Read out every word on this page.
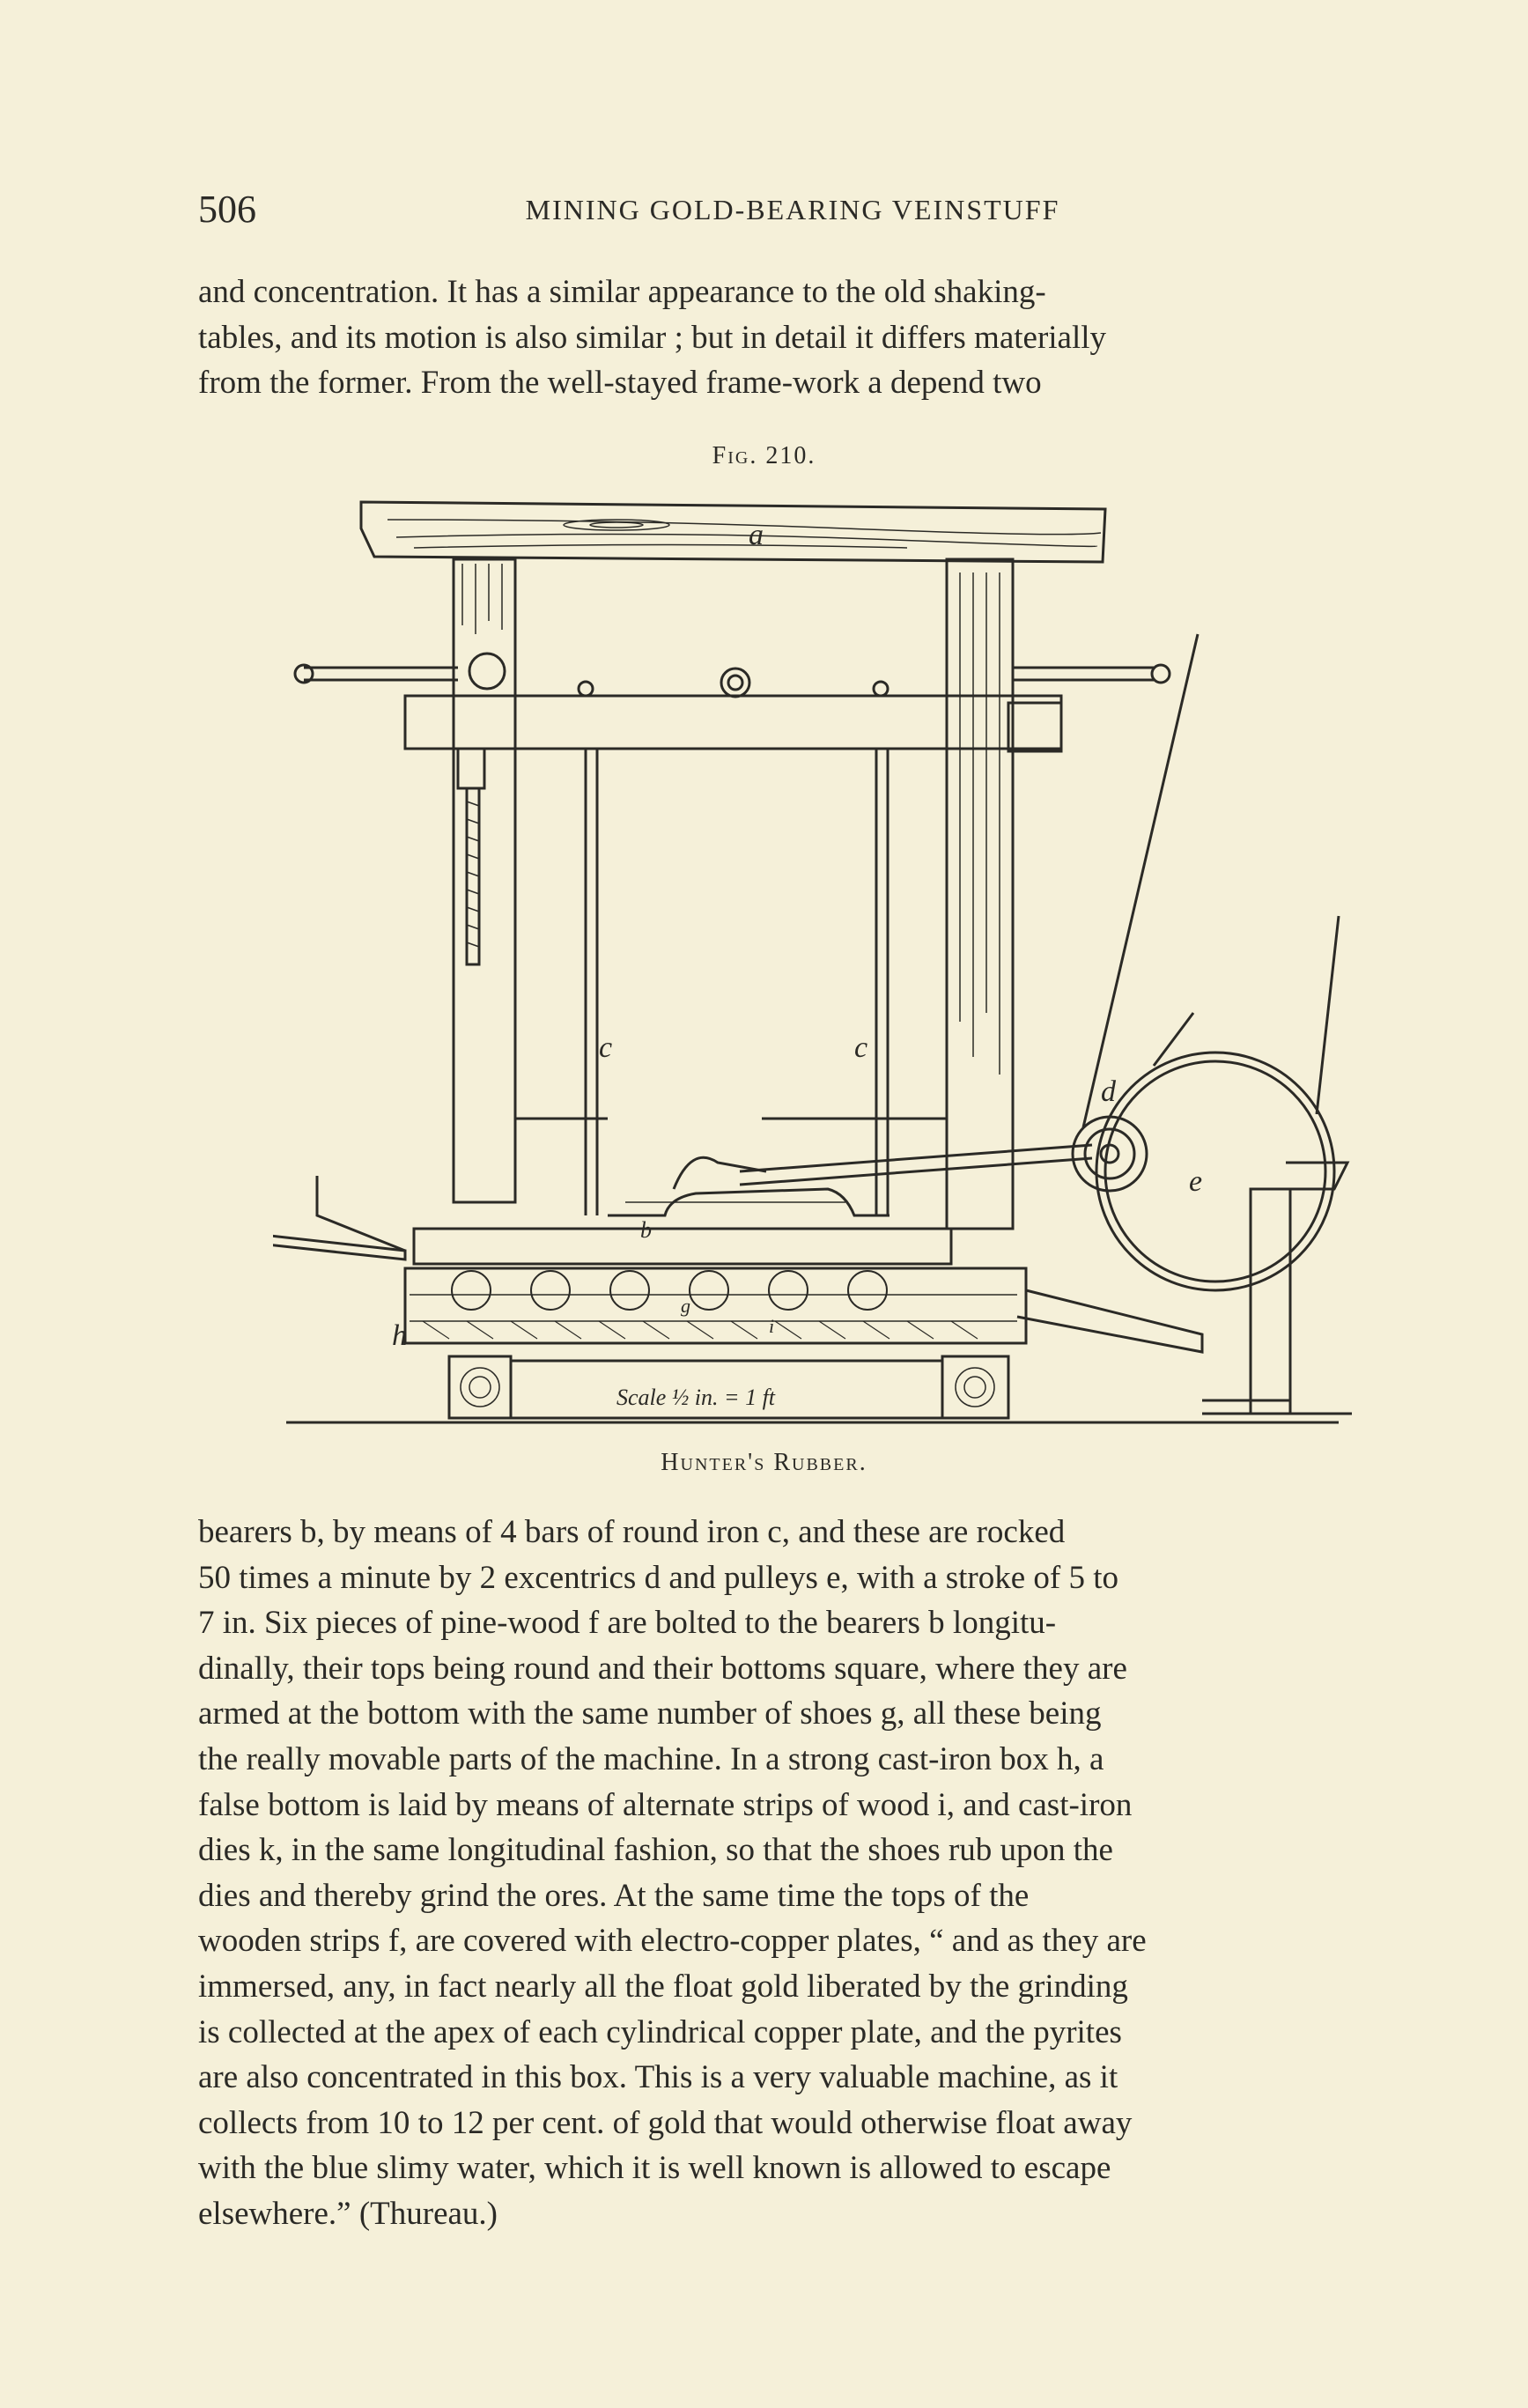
506	MINING GOLD-BEARING VEINSTUFF
and concentration. It has a similar appearance to the old shaking-
tables, and its motion is also similar ; but in detail it differs materially
from the former. From the well-stayed frame-work a depend two
Fig. 210.
a
c	c
d
e
h
b
g
i
Scale ½ in. = 1 ft
Hunter's Rubber.
bearers b, by means of 4 bars of round iron c, and these are rocked
50 times a minute by 2 excentrics d and pulleys e, with a stroke of 5 to
7 in. Six pieces of pine-wood f are bolted to the bearers b longitu-
dinally, their tops being round and their bottoms square, where they are
armed at the bottom with the same number of shoes g, all these being
the really movable parts of the machine. In a strong cast-iron box h, a
false bottom is laid by means of alternate strips of wood i, and cast-iron
dies k, in the same longitudinal fashion, so that the shoes rub upon the
dies and thereby grind the ores. At the same time the tops of the
wooden strips f, are covered with electro-copper plates, “ and as they are
immersed, any, in fact nearly all the float gold liberated by the grinding
is collected at the apex of each cylindrical copper plate, and the pyrites
are also concentrated in this box. This is a very valuable machine, as it
collects from 10 to 12 per cent. of gold that would otherwise float away
with the blue slimy water, which it is well known is allowed to escape
elsewhere.” (Thureau.)
